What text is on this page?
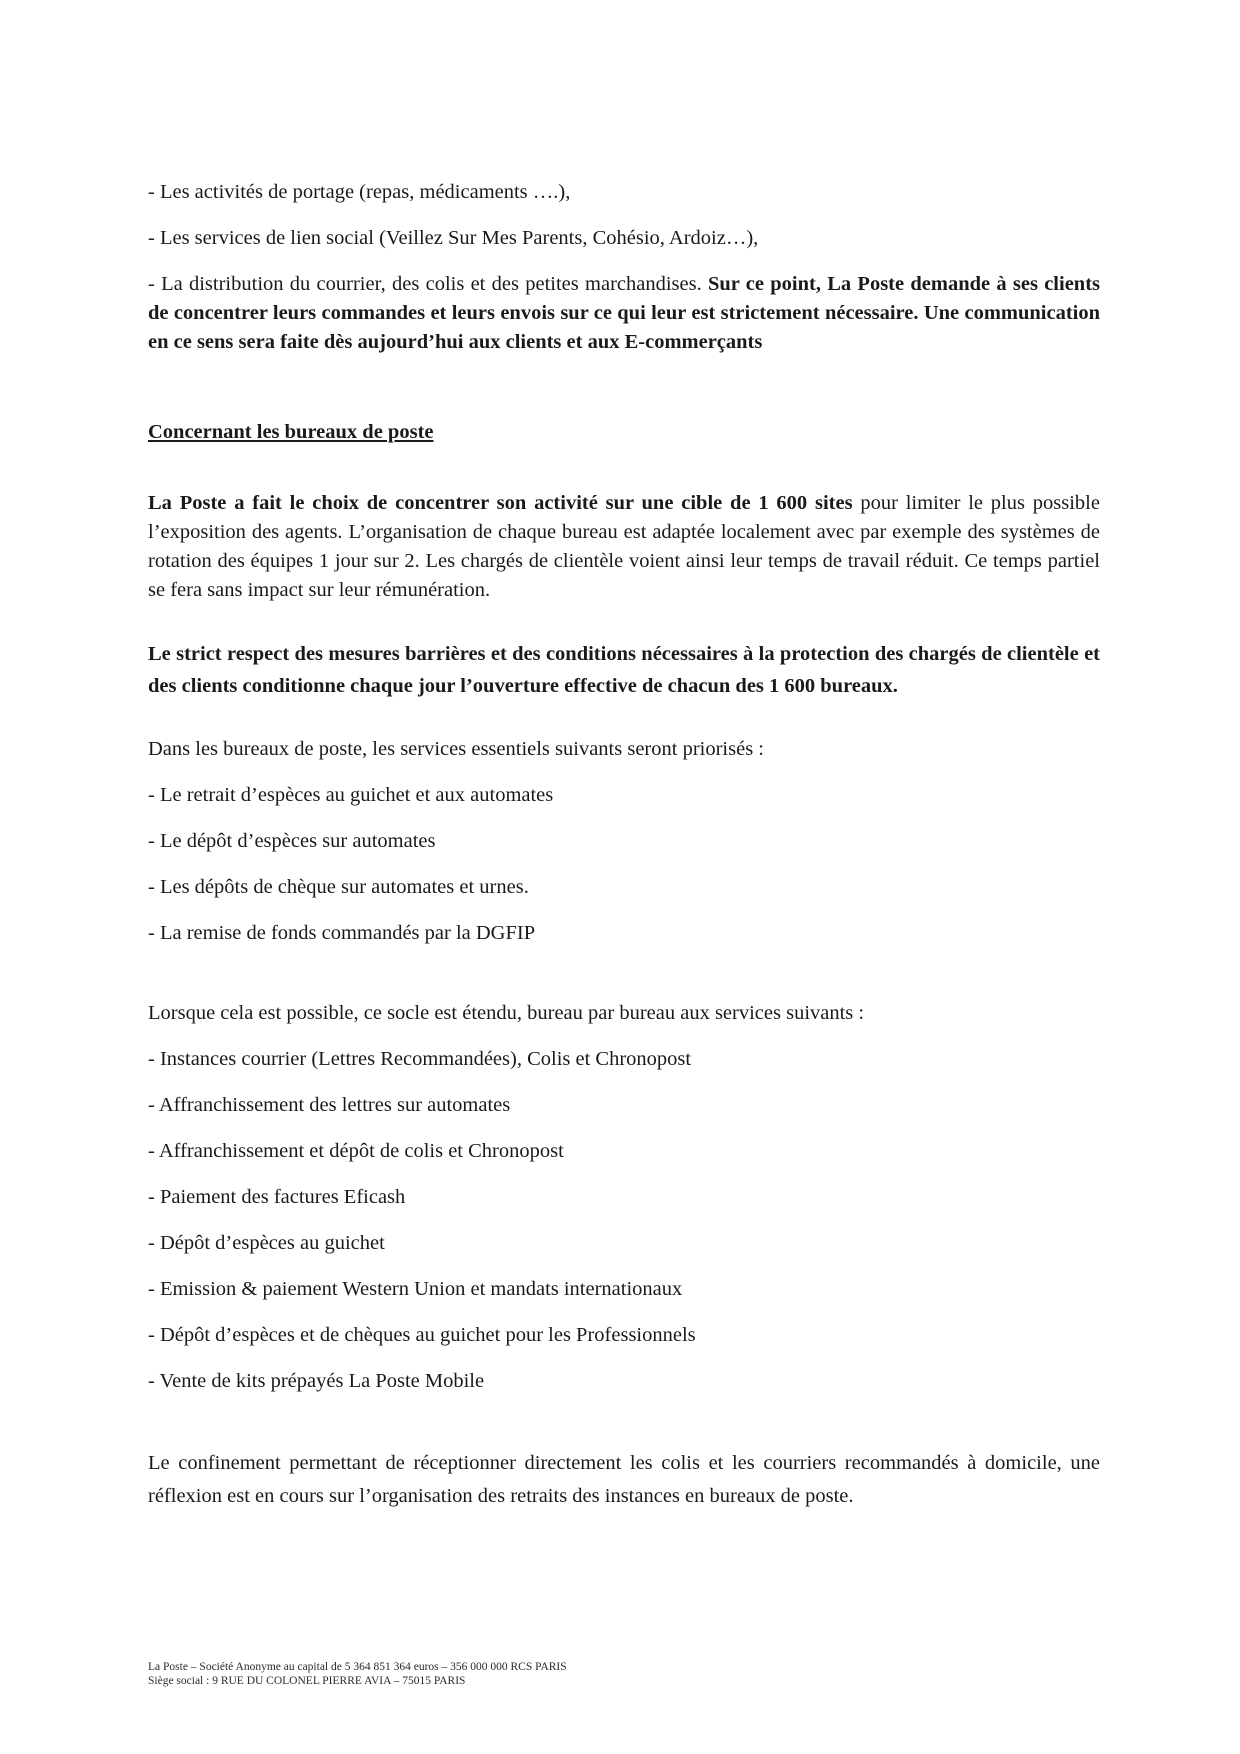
- Les activités de portage (repas, médicaments ….),

- Les services de lien social (Veillez Sur Mes Parents, Cohésio, Ardoiz…),

- La distribution du courrier, des colis et des petites marchandises. Sur ce point, La Poste demande à ses clients de concentrer leurs commandes et leurs envois sur ce qui leur est strictement nécessaire. Une communication en ce sens sera faite dès aujourd’hui aux clients et aux E-commerçants

Concernant les bureaux de poste

La Poste a fait le choix de concentrer son activité sur une cible de 1 600 sites pour limiter le plus possible l’exposition des agents. L’organisation de chaque bureau est adaptée localement avec par exemple des systèmes de rotation des équipes 1 jour sur 2. Les chargés de clientèle voient ainsi leur temps de travail réduit. Ce temps partiel se fera sans impact sur leur rémunération.

Le strict respect des mesures barrières et des conditions nécessaires à la protection des chargés de clientèle et des clients conditionne chaque jour l’ouverture effective de chacun des 1 600 bureaux.

Dans les bureaux de poste, les services essentiels suivants seront priorisés :

- Le retrait d’espèces au guichet et aux automates

- Le dépôt d’espèces sur automates

- Les dépôts de chèque sur automates et urnes.

- La remise de fonds commandés par la DGFIP

Lorsque cela est possible, ce socle est étendu, bureau par bureau aux services suivants :

- Instances courrier (Lettres Recommandées), Colis et Chronopost

- Affranchissement des lettres sur automates

- Affranchissement et dépôt de colis et Chronopost

- Paiement des factures Eficash

- Dépôt d’espèces au guichet

- Emission & paiement Western Union et mandats internationaux

- Dépôt d’espèces et de chèques au guichet pour les Professionnels

- Vente de kits prépayés La Poste Mobile

Le confinement permettant de réceptionner directement les colis et les courriers recommandés à domicile, une réflexion est en cours sur l’organisation des retraits des instances en bureaux de poste.

La Poste – Société Anonyme au capital de 5 364 851 364 euros – 356 000 000 RCS PARIS
Siège social : 9 RUE DU COLONEL PIERRE AVIA – 75015 PARIS
